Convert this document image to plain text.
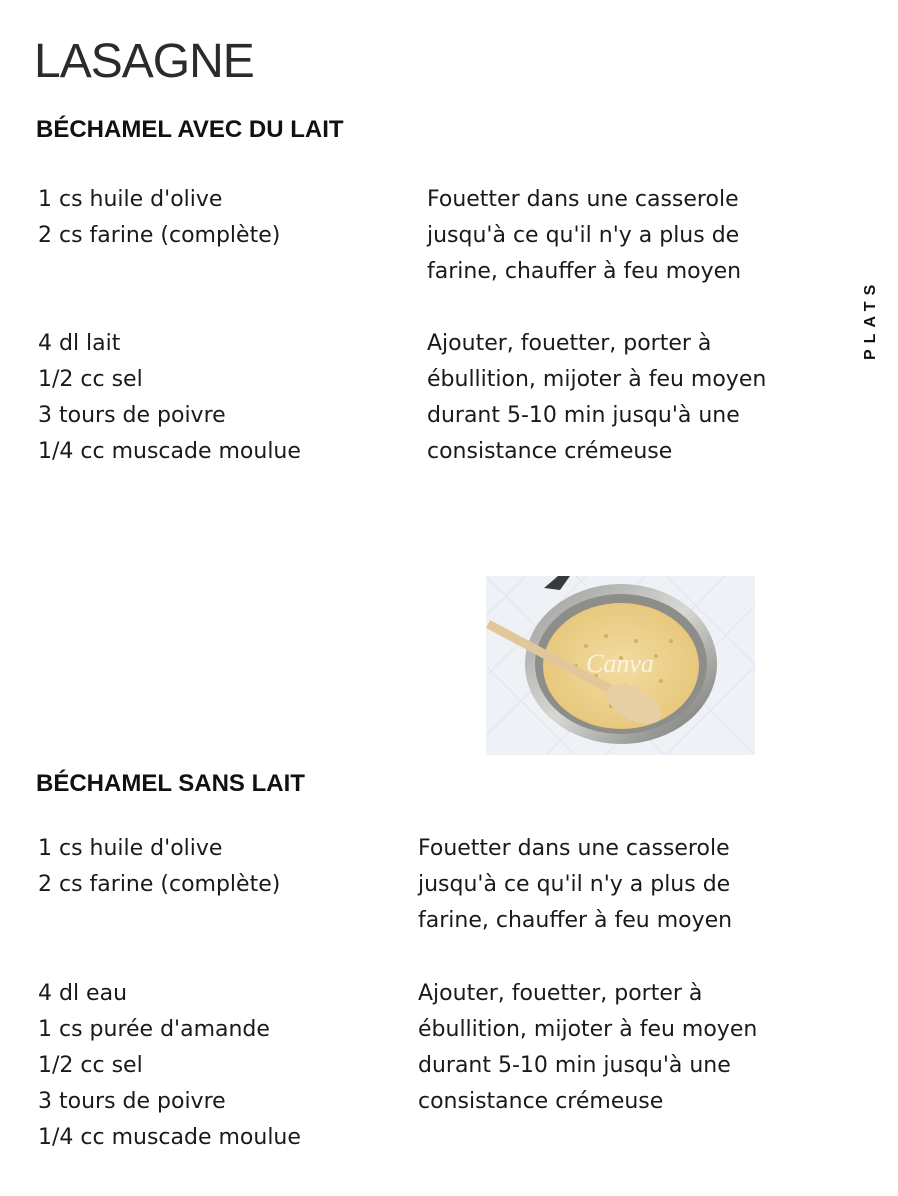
LASAGNE
PLATS
BÉCHAMEL AVEC DU LAIT
1 cs huile d'olive
2 cs farine (complète)
Fouetter dans une casserole
jusqu'à ce qu'il n'y a plus de
farine, chauffer à feu moyen
4 dl lait
1/2 cc sel
3 tours de poivre
1/4 cc muscade moulue
Ajouter, fouetter, porter à
ébullition, mijoter à feu moyen
durant 5-10 min jusqu'à une
consistance crémeuse
Canva
BÉCHAMEL SANS LAIT
1 cs huile d'olive
2 cs farine (complète)
Fouetter dans une casserole
jusqu'à ce qu'il n'y a plus de
farine, chauffer à feu moyen
4 dl eau
1 cs purée d'amande
1/2 cc sel
3 tours de poivre
1/4 cc muscade moulue
Ajouter, fouetter, porter à
ébullition, mijoter à feu moyen
durant 5-10 min jusqu'à une
consistance crémeuse
